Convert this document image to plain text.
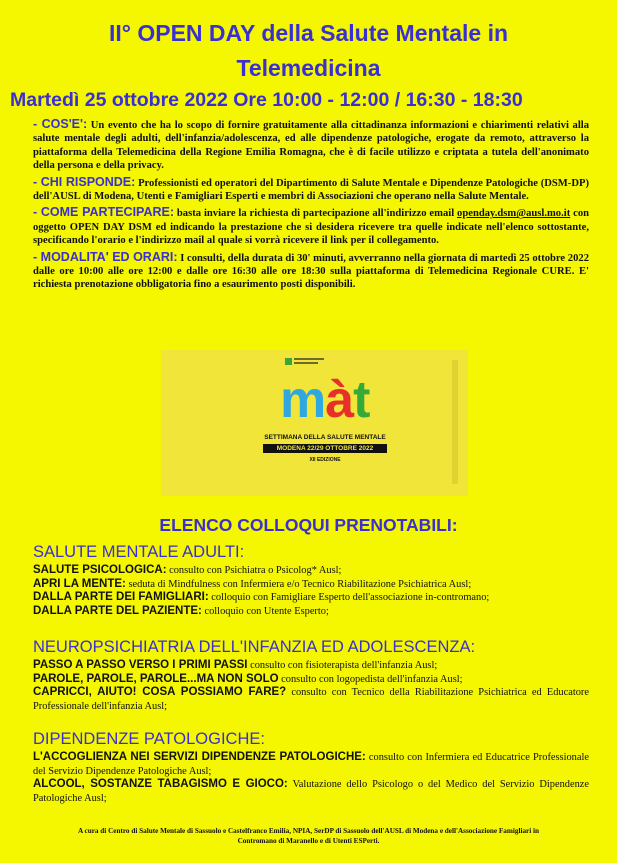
II° OPEN DAY della Salute Mentale in
Telemedicina
Martedì 25 ottobre 2022 Ore 10:00 - 12:00 / 16:30 - 18:30

- COS'E': Un evento che ha lo scopo di fornire gratuitamente alla cittadinanza informazioni e chiarimenti relativi alla salute mentale degli adulti, dell'infanzia/adolescenza, ed alle dipendenze patologiche, erogate da remoto, attraverso la piattaforma della Telemedicina della Regione Emilia Romagna, che è di facile utilizzo e criptata a tutela dell'anonimato della persona e della privacy.

- CHI RISPONDE: Professionisti ed operatori del Dipartimento di Salute Mentale e Dipendenze Patologiche (DSM-DP) dell'AUSL di Modena, Utenti e Famigliari Esperti e membri di Associazioni che operano nella Salute Mentale.

- COME PARTECIPARE: basta inviare la richiesta di partecipazione all'indirizzo email openday.dsm@ausl.mo.it con oggetto OPEN DAY DSM ed indicando la prestazione che si desidera ricevere tra quelle indicate nell'elenco sottostante, specificando l'orario e l'indirizzo mail al quale si vorrà ricevere il link per il collegamento.

- MODALITA' ED ORARI: I consulti, della durata di 30' minuti, avverranno nella giornata di martedì 25 ottobre 2022 dalle ore 10:00 alle ore 12:00 e dalle ore 16:30 alle ore 18:30 sulla piattaforma di Telemedicina Regionale CURE. E' richiesta prenotazione obbligatoria fino a esaurimento posti disponibili.

màt
SETTIMANA DELLA SALUTE MENTALE
MODENA 22/29 OTTOBRE 2022
XII EDIZIONE
ELENCO COLLOQUI PRENOTABILI:
SALUTE MENTALE ADULTI:
SALUTE PSICOLOGICA: consulto con Psichiatra o Psicolog* Ausl;
APRI LA MENTE: seduta di Mindfulness con Infermiera e/o Tecnico Riabilitazione Psichiatrica Ausl;
DALLA PARTE DEI FAMIGLIARI: colloquio con Famigliare Esperto dell'associazione in-contromano;
DALLA PARTE DEL PAZIENTE: colloquio con Utente Esperto;
NEUROPSICHIATRIA DELL'INFANZIA ED ADOLESCENZA:
PASSO A PASSO VERSO I PRIMI PASSI consulto con fisioterapista dell'infanzia Ausl;
PAROLE, PAROLE, PAROLE...MA NON SOLO consulto con logopedista dell'infanzia Ausl;
CAPRICCI, AIUTO! COSA POSSIAMO FARE? consulto con Tecnico della Riabilitazione Psichiatrica ed Educatore Professionale dell'infanzia Ausl;
DIPENDENZE PATOLOGICHE:
L'ACCOGLIENZA NEI SERVIZI DIPENDENZE PATOLOGICHE: consulto con Infermiera ed Educatrice Professionale del Servizio Dipendenze Patologiche Ausl;
ALCOOL, SOSTANZE TABAGISMO E GIOCO: Valutazione dello Psicologo o del Medico del Servizio Dipendenze Patologiche Ausl;
A cura di Centro di Salute Mentale di Sassuolo e Castelfranco Emilia, NPIA, SerDP di Sassuolo dell'AUSL di Modena e dell'Associazione Famigliari in
Contromano di Maranello e di Utenti ESPerti.
